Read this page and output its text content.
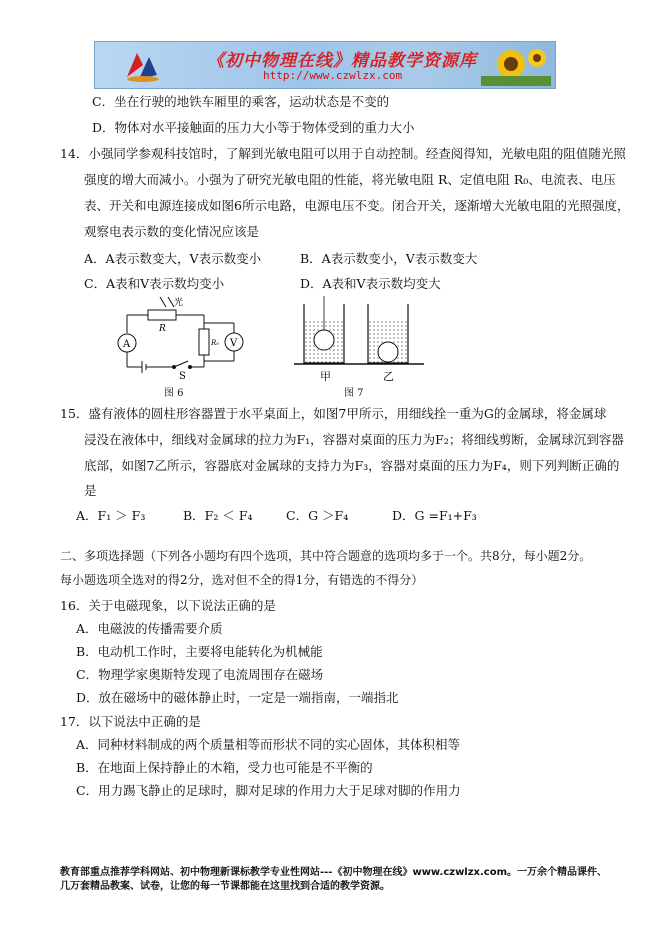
《初中物理在线》精品教学资源库
http://www.czwlzx.com
C．坐在行驶的地铁车厢里的乘客，运动状态是不变的
D．物体对水平接触面的压力大小等于物体受到的重力大小
14．小强同学参观科技馆时，了解到光敏电阻可以用于自动控制。经查阅得知，光敏电阻的阻值随光照
强度的增大而减小。小强为了研究光敏电阻的性能，将光敏电阻 R、定值电阻 R₀、电流表、电压
表、开关和电源连接成如图6所示电路，电源电压不变。闭合开关，逐渐增大光敏电阻的光照强度，
观察电表示数的变化情况应该是
A．A表示数变大，V表示数变小	B．A表示数变小，V表示数变大
C．A表和V表示数均变小	D．A表和V表示数均变大
光
R
R₀
A	V
S
图 6
甲	乙
图 7
15．盛有液体的圆柱形容器置于水平桌面上，如图7甲所示，用细线拴一重为G的金属球，将金属球
浸没在液体中，细线对金属球的拉力为F₁，容器对桌面的压力为F₂；将细线剪断，金属球沉到容器
底部，如图7乙所示，容器底对金属球的支持力为F₃，容器对桌面的压力为F₄，则下列判断正确的
是
A．F₁ ＞ F₃	B．F₂ ＜ F₄	C．G ＞F₄	D．G =F₁+F₃
二、多项选择题（下列各小题均有四个选项，其中符合题意的选项均多于一个。共8分，每小题2分。
每小题选项全选对的得2分，选对但不全的得1分，有错选的不得分）
16．关于电磁现象，以下说法正确的是
A．电磁波的传播需要介质
B．电动机工作时，主要将电能转化为机械能
C．物理学家奥斯特发现了电流周围存在磁场
D．放在磁场中的磁体静止时，一定是一端指南，一端指北
17．以下说法中正确的是
A．同种材料制成的两个质量相等而形状不同的实心固体，其体积相等
B．在地面上保持静止的木箱，受力也可能是不平衡的
C．用力踢飞静止的足球时，脚对足球的作用力大于足球对脚的作用力
教育部重点推荐学科网站、初中物理新课标教学专业性网站---《初中物理在线》www.czwlzx.com。一万余个精品课件、
几万套精品教案、试卷，让您的每一节课都能在这里找到合适的教学资源。
